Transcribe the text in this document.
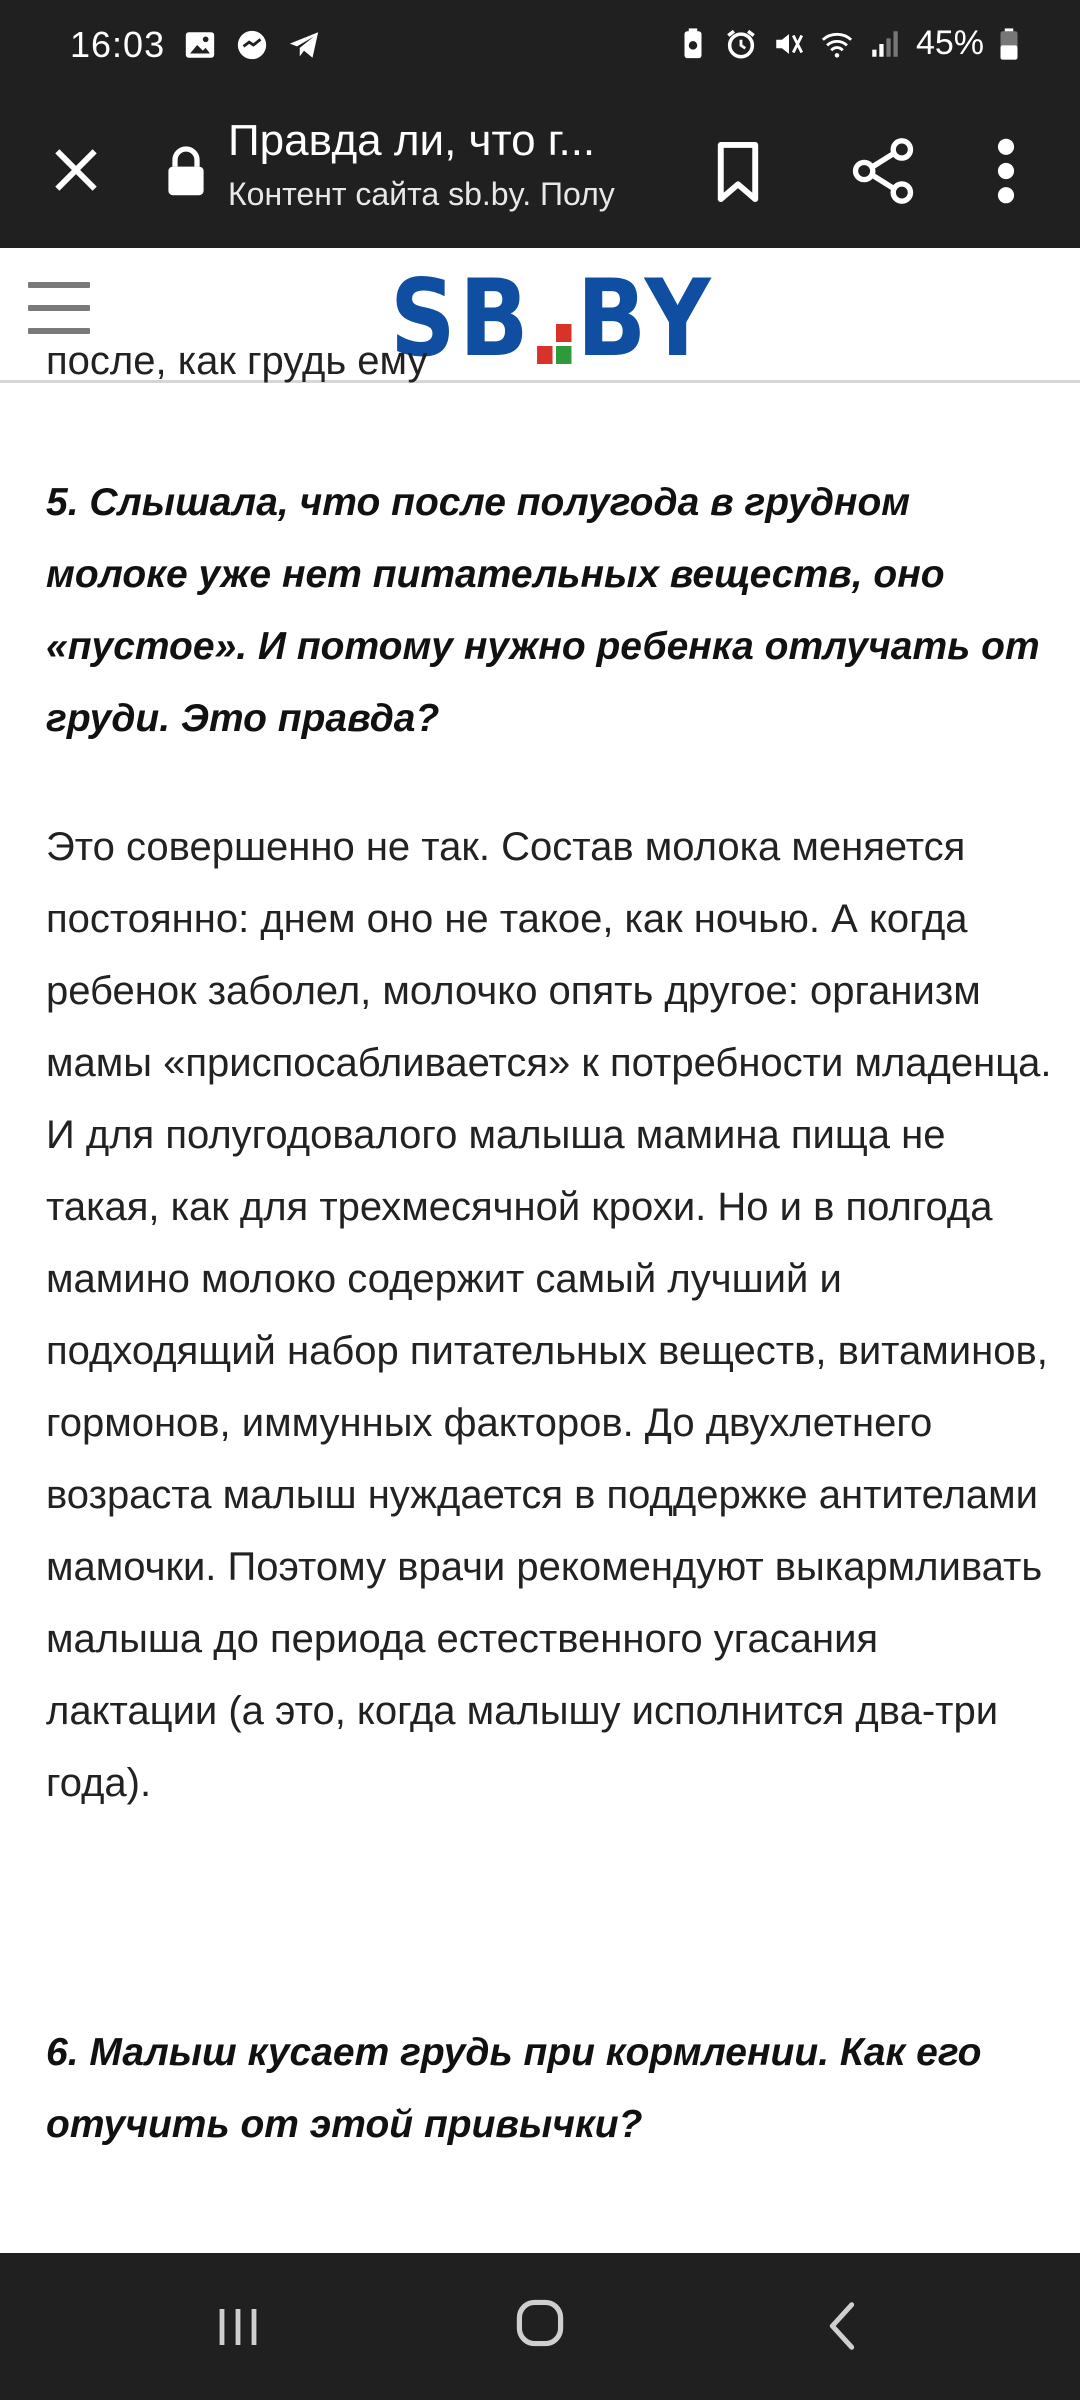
16:03	45%
Правда ли, что г...
Контент сайта sb.by. Полу
SB BY
после, как грудь ему
5. Слышала, что после полугода в грудном молоке уже нет питательных веществ, оно «пустое». И потому нужно ребенка отлучать от груди. Это правда?
Это совершенно не так. Состав молока меняется постоянно: днем оно не такое, как ночью. А когда ребенок заболел, молочко опять другое: организм мамы «приспосабливается» к потребности младенца. И для полугодовалого малыша мамина пища не такая, как для трехмесячной крохи. Но и в полгода мамино молоко содержит самый лучший и подходящий набор питательных веществ, витаминов, гормонов, иммунных факторов. До двухлетнего возраста малыш нуждается в поддержке антителами мамочки. Поэтому врачи рекомендуют выкармливать малыша до периода естественного угасания лактации (а это, когда малышу исполнится два-три года).
6. Малыш кусает грудь при кормлении. Как его отучить от этой привычки?
